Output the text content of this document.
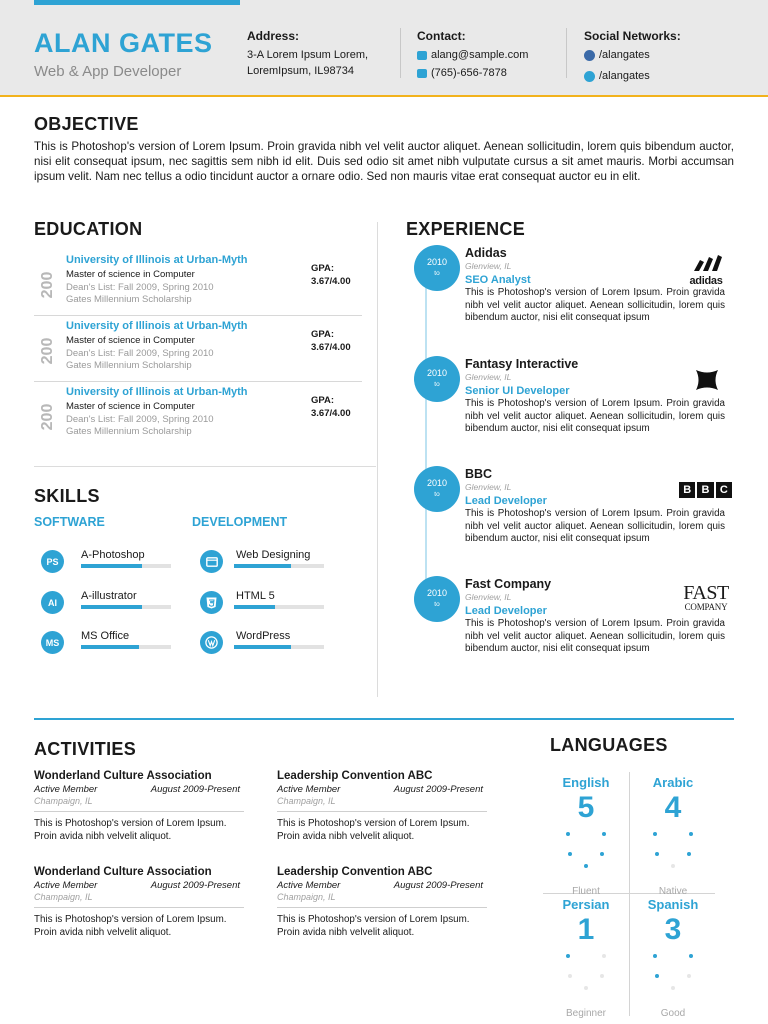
ALAN GATES
Web & App Developer
Address:
3-A Lorem Ipsum Lorem,
LoremIpsum, IL98734
Contact:
alang@sample.com
(765)-656-7878
Social Networks:
/alangates
/alangates
OBJECTIVE
This is Photoshop's version of Lorem Ipsum. Proin gravida nibh vel velit auctor aliquet. Aenean sollicitudin, lorem quis bibendum auctor, nisi elit consequat ipsum, nec sagittis sem nibh id elit. Duis sed odio sit amet nibh vulputate cursus a sit amet mauris. Morbi accumsan ipsum velit. Nam nec tellus a odio tincidunt auctor a ornare odio. Sed non mauris vitae erat consequat auctor eu in elit.
EDUCATION
200
University of Illinois at Urban-Myth
Master of science in Computer
Dean's List: Fall 2009, Spring 2010
Gates Millennium Scholarship
GPA:
3.67/4.00
200
University of Illinois at Urban-Myth
Master of science in Computer
Dean's List: Fall 2009, Spring 2010
Gates Millennium Scholarship
GPA:
3.67/4.00
200
University of Illinois at Urban-Myth
Master of science in Computer
Dean's List: Fall 2009, Spring 2010
Gates Millennium Scholarship
GPA:
3.67/4.00
SKILLS
SOFTWARE	DEVELOPMENT
PS
A-Photoshop
AI
A-illustrator
MS
MS Office
Web Designing
HTML 5
WordPress
EXPERIENCE
2010
to
Adidas
Glenview, IL
SEO Analyst
This is Photoshop's version of Lorem Ipsum. Proin gravida nibh vel velit auctor aliquet. Aenean sollicitudin, lorem quis bibendum auctor, nisi elit consequat ipsum
adidas
2010
to
Fantasy Interactive
Glenview, IL
Senior UI Developer
This is Photoshop's version of Lorem Ipsum. Proin gravida nibh vel velit auctor aliquet. Aenean sollicitudin, lorem quis bibendum auctor, nisi elit consequat ipsum
2010
to
BBC
Glenview, IL
Lead Developer
This is Photoshop's version of Lorem Ipsum. Proin gravida nibh vel velit auctor aliquet. Aenean sollicitudin, lorem quis bibendum auctor, nisi elit consequat ipsum
B B C
2010
to
Fast Company
Glenview, IL
Lead Developer
This is Photoshop's version of Lorem Ipsum. Proin gravida nibh vel velit auctor aliquet. Aenean sollicitudin, lorem quis bibendum auctor, nisi elit consequat ipsum
FAST
COMPANY
ACTIVITIES
Wonderland Culture Association
Active Member	August 2009-Present
Champaign, IL
This is Photoshop's version of Lorem Ipsum. Proin avida nibh velvelit aliquot.
Leadership Convention ABC
Active Member	August 2009-Present
Champaign, IL
This is Photoshop's version of Lorem Ipsum. Proin avida nibh velvelit aliquot.
Wonderland Culture Association
Active Member	August 2009-Present
Champaign, IL
This is Photoshop's version of Lorem Ipsum. Proin avida nibh velvelit aliquot.
Leadership Convention ABC
Active Member	August 2009-Present
Champaign, IL
This is Photoshop's version of Lorem Ipsum. Proin avida nibh velvelit aliquot.
LANGUAGES
English
5
Fluent
Arabic
4
Native
Persian
1
Beginner
Spanish
3
Good
